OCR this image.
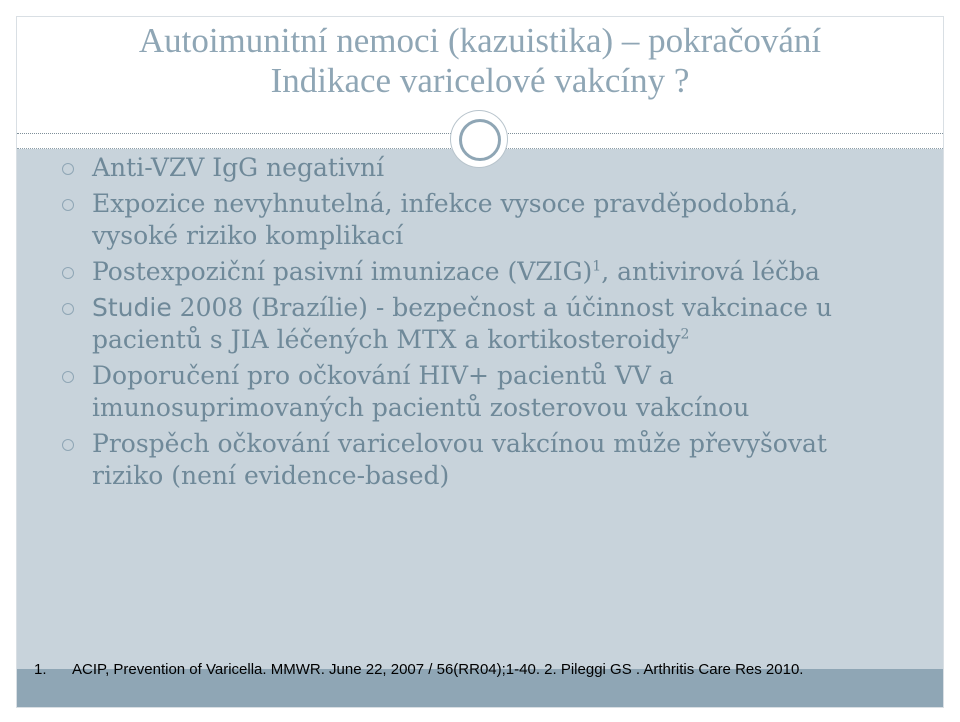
Autoimunitní nemoci (kazuistika) – pokračování
Indikace varicelové vakcíny ?
Anti-VZV IgG negativní
Expozice nevyhnutelná, infekce vysoce pravděpodobná, vysoké riziko komplikací
Postexpoziční pasivní imunizace (VZIG)$^1$, antivirová léčba
Studie 2008 (Brazílie) - bezpečnost a účinnost vakcinace u pacientů s JIA léčených MTX a kortikosteroidy$^2$
Doporučení pro očkování HIV+ pacientů VV a imunosuprimovaných pacientů zosterovou vakcínou
Prospěch očkování varicelovou vakcínou může převyšovat riziko (není evidence-based)
1. ACIP, Prevention of Varicella. MMWR. June 22, 2007 / 56(RR04);1-40. 2. Pileggi GS . Arthritis Care Res 2010.
